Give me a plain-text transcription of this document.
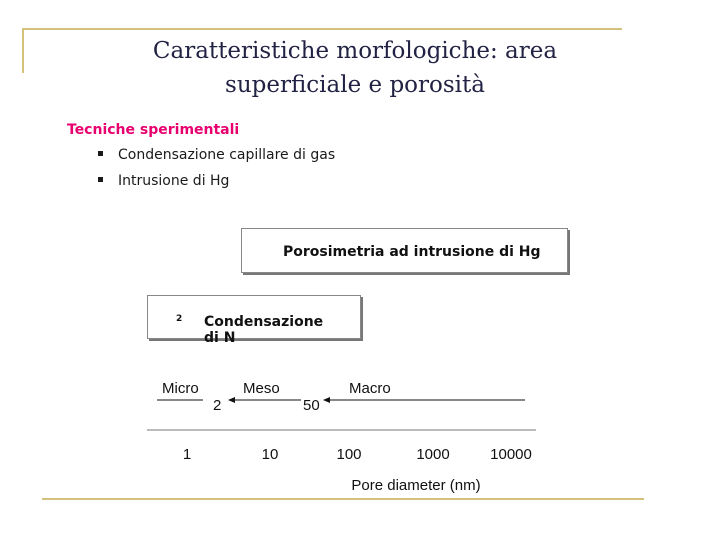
Caratteristiche morfologiche: area superficiale e porosità
Tecniche sperimentali
Condensazione capillare di gas
Intrusione di Hg
Porosimetria ad intrusione di Hg
Condensazione di N
$_2$
Micro	Meso	Macro
2	50
1	10	100	1000	10000
Pore diameter (nm)
